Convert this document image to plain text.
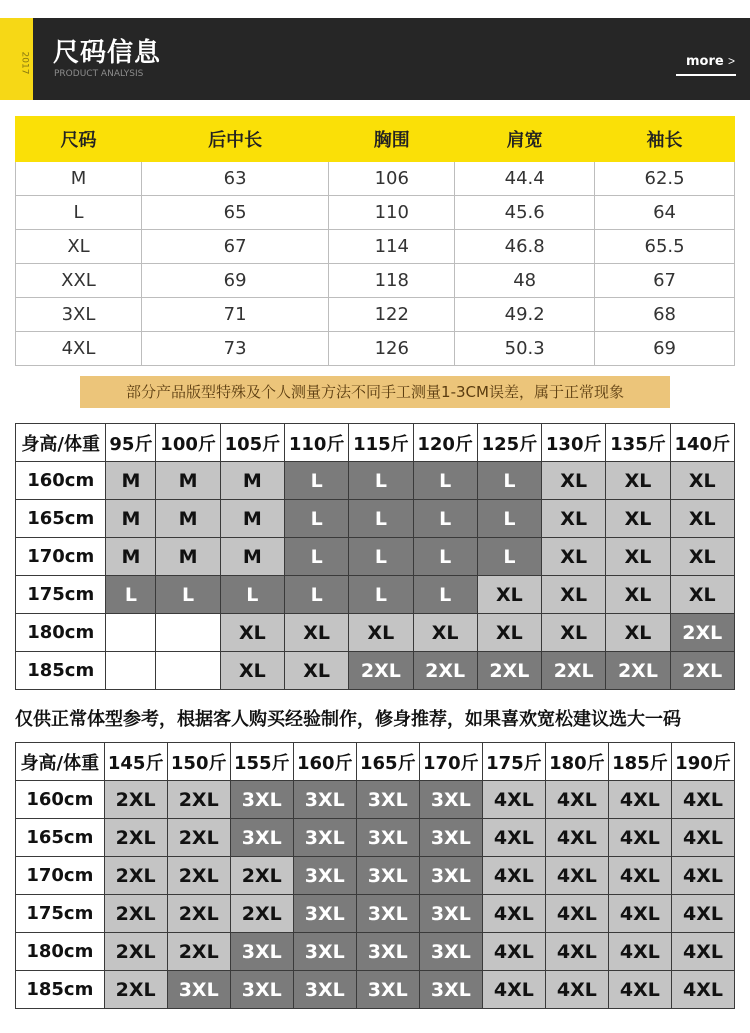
2017 尺码信息
PRODUCT ANALYSIS
more >
尺码	后中长	胸围	肩宽	袖长
M	63	106	44.4	62.5
L	65	110	45.6	64
XL	67	114	46.8	65.5
XXL	69	118	48	67
3XL	71	122	49.2	68
4XL	73	126	50.3	69
部分产品版型特殊及个人测量方法不同手工测量1-3CM误差，属于正常现象
身高/体重	95斤	100斤	105斤	110斤	115斤	120斤	125斤	130斤	135斤	140斤
160cm	M	M	M	L	L	L	L	XL	XL	XL
165cm	M	M	M	L	L	L	L	XL	XL	XL
170cm	M	M	M	L	L	L	L	XL	XL	XL
175cm	L	L	L	L	L	L	XL	XL	XL	XL
180cm			XL	XL	XL	XL	XL	XL	XL	2XL
185cm			XL	XL	2XL	2XL	2XL	2XL	2XL	2XL
仅供正常体型参考，根据客人购买经验制作，修身推荐，如果喜欢宽松建议选大一码
身高/体重	145斤	150斤	155斤	160斤	165斤	170斤	175斤	180斤	185斤	190斤
160cm	2XL	2XL	3XL	3XL	3XL	3XL	4XL	4XL	4XL	4XL
165cm	2XL	2XL	3XL	3XL	3XL	3XL	4XL	4XL	4XL	4XL
170cm	2XL	2XL	2XL	3XL	3XL	3XL	4XL	4XL	4XL	4XL
175cm	2XL	2XL	2XL	3XL	3XL	3XL	4XL	4XL	4XL	4XL
180cm	2XL	2XL	3XL	3XL	3XL	3XL	4XL	4XL	4XL	4XL
185cm	2XL	3XL	3XL	3XL	3XL	3XL	4XL	4XL	4XL	4XL
